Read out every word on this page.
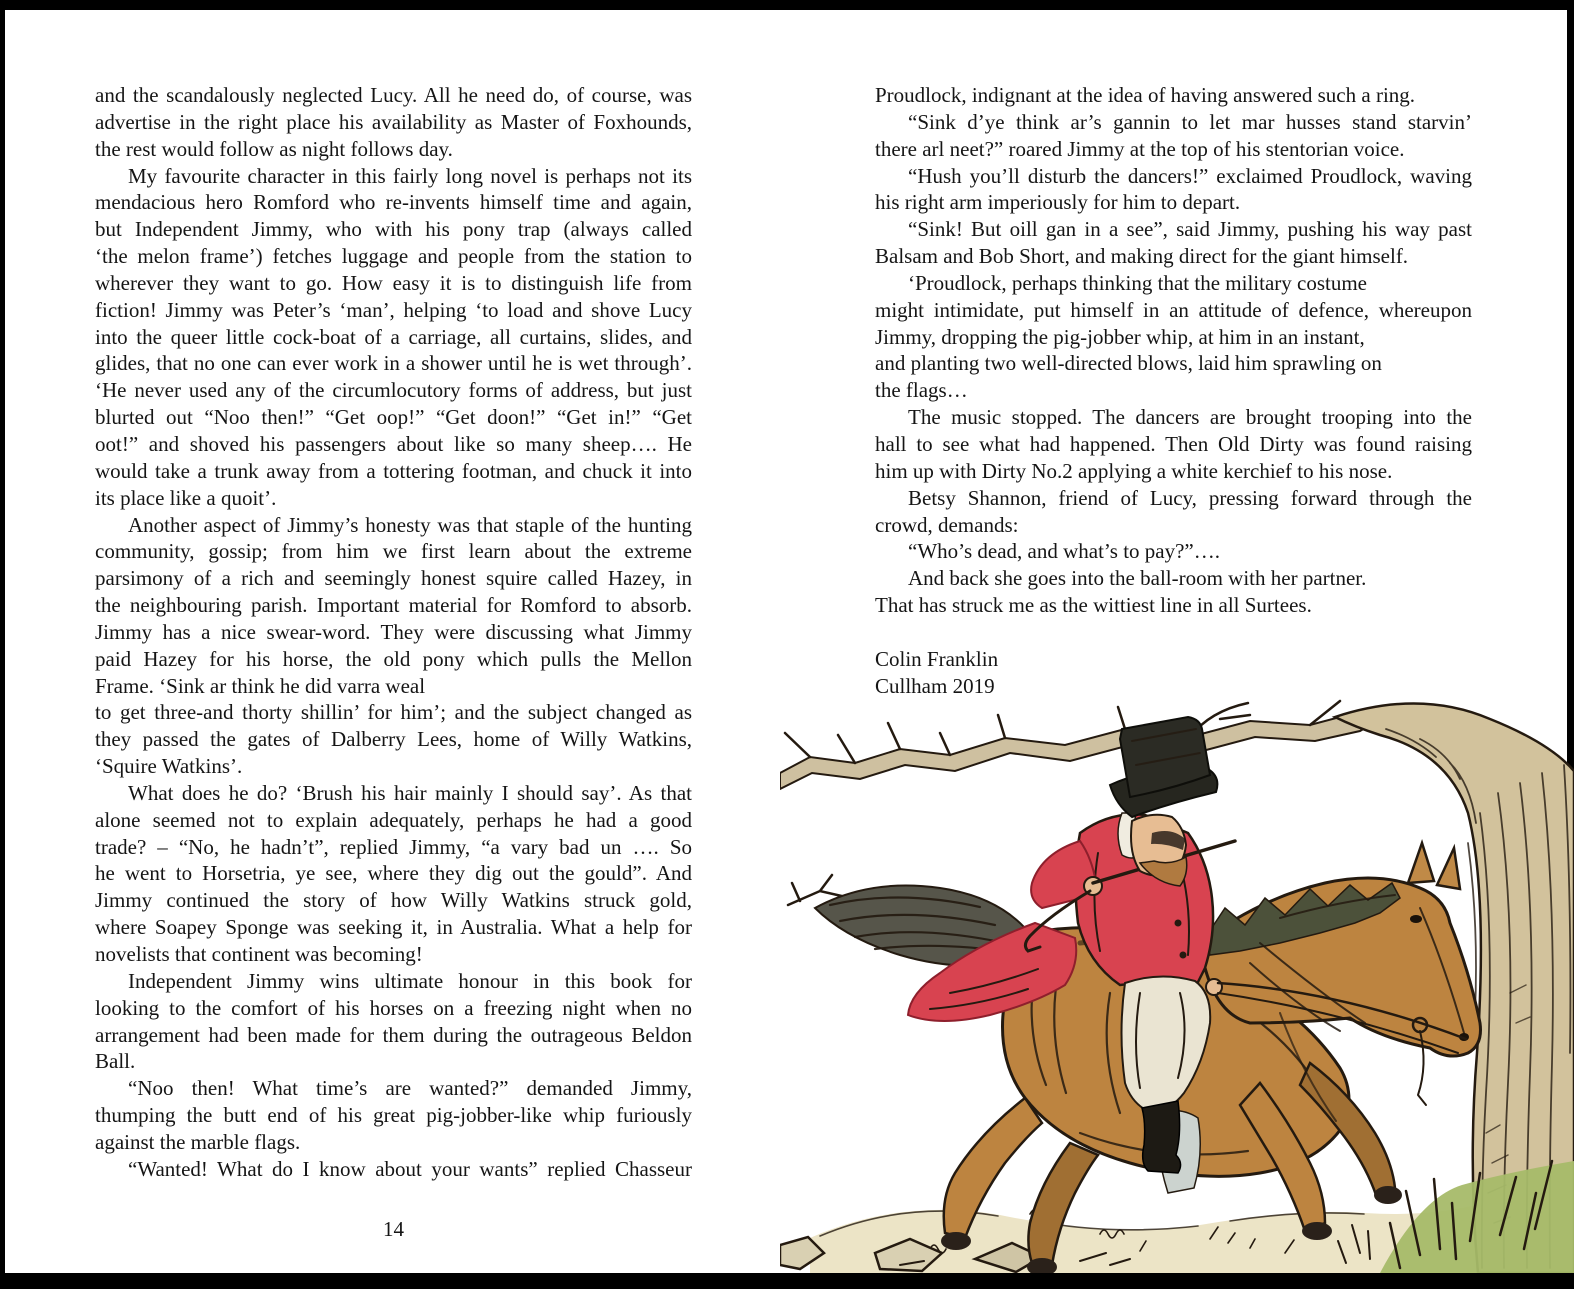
and the scandalously neglected Lucy. All he need do, of course, was
advertise in the right place his availability as Master of Foxhounds,
the rest would follow as night follows day.
My favourite character in this fairly long novel is perhaps not its
mendacious hero Romford who re-invents himself time and again,
but Independent Jimmy, who with his pony trap (always called
‘the melon frame’) fetches luggage and people from the station to
wherever they want to go. How easy it is to distinguish life from
fiction! Jimmy was Peter’s ‘man’, helping ‘to load and shove Lucy
into the queer little cock-boat of a carriage, all curtains, slides, and
glides, that no one can ever work in a shower until he is wet through’.
‘He never used any of the circumlocutory forms of address, but just
blurted out “Noo then!” “Get oop!” “Get doon!” “Get in!” “Get
oot!” and shoved his passengers about like so many sheep…. He
would take a trunk away from a tottering footman, and chuck it into
its place like a quoit’.
Another aspect of Jimmy’s honesty was that staple of the hunting
community, gossip; from him we first learn about the extreme
parsimony of a rich and seemingly honest squire called Hazey, in
the neighbouring parish. Important material for Romford to absorb.
Jimmy has a nice swear-word. They were discussing what Jimmy
paid Hazey for his horse, the old pony which pulls the Mellon
Frame. ‘Sink ar think he did varra weal
to get three-and thorty shillin’ for him’; and the subject changed as
they passed the gates of Dalberry Lees, home of Willy Watkins,
‘Squire Watkins’.
What does he do? ‘Brush his hair mainly I should say’. As that
alone seemed not to explain adequately, perhaps he had a good
trade? – “No, he hadn’t”, replied Jimmy, “a vary bad un …. So
he went to Horsetria, ye see, where they dig out the gould”. And
Jimmy continued the story of how Willy Watkins struck gold,
where Soapey Sponge was seeking it, in Australia. What a help for
novelists that continent was becoming!
Independent Jimmy wins ultimate honour in this book for
looking to the comfort of his horses on a freezing night when no
arrangement had been made for them during the outrageous Beldon
Ball.
“Noo then! What time’s are wanted?” demanded Jimmy,
thumping the butt end of his great pig-jobber-like whip furiously
against the marble flags.
“Wanted! What do I know about your wants” replied Chasseur
Proudlock, indignant at the idea of having answered such a ring.
“Sink d’ye think ar’s gannin to let mar husses stand starvin’
there arl neet?” roared Jimmy at the top of his stentorian voice.
“Hush you’ll disturb the dancers!” exclaimed Proudlock, waving
his right arm imperiously for him to depart.
“Sink! But oill gan in a see”, said Jimmy, pushing his way past
Balsam and Bob Short, and making direct for the giant himself.
‘Proudlock, perhaps thinking that the military costume
might intimidate, put himself in an attitude of defence, whereupon
Jimmy, dropping the pig-jobber whip, at him in an instant,
and planting two well-directed blows, laid him sprawling on
the flags…
The music stopped. The dancers are brought trooping into the
hall to see what had happened. Then Old Dirty was found raising
him up with Dirty No.2 applying a white kerchief to his nose.
Betsy Shannon, friend of Lucy, pressing forward through the
crowd, demands:
“Who’s dead, and what’s to pay?”….
And back she goes into the ball-room with her partner.
That has struck me as the wittiest line in all Surtees.

Colin Franklin
Cullham 2019
14
